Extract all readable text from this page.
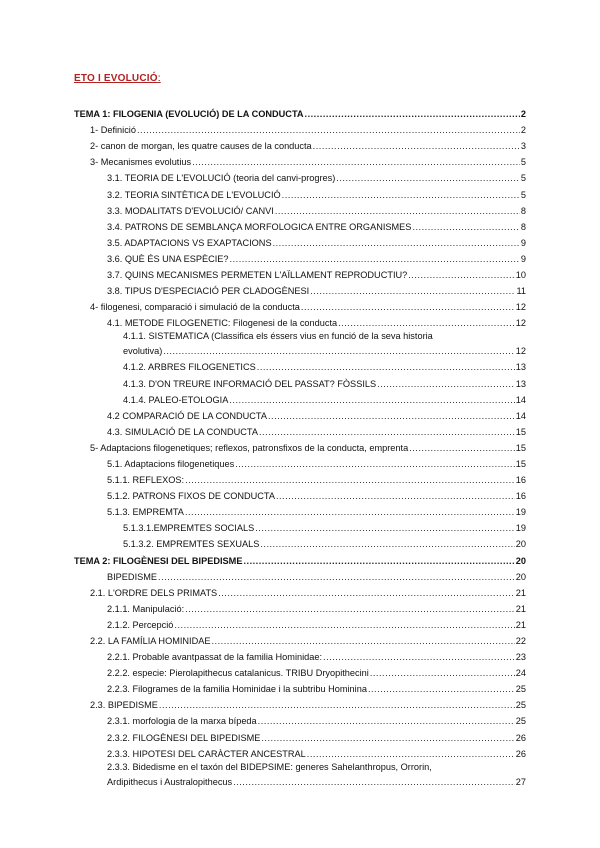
ETO I EVOLUCIÓ:
TEMA 1: FILOGENIA (EVOLUCIÓ) DE LA CONDUCTA .....	2
1- Definició .....	2
2- canon de morgan, les quatre causes de la conducta .....	3
3- Mecanismes evolutius .....	5
3.1. TEORIA DE L'EVOLUCIÓ (teoria del canvi-progres) .....	5
3.2. TEORIA SINTÈTICA DE L'EVOLUCIÓ .....	5
3.3. MODALITATS D'EVOLUCIÓ/ CANVI .....	8
3.4. PATRONS DE SEMBLANÇA MORFOLOGICA ENTRE ORGANISMES .....	8
3.5. ADAPTACIONS VS EXAPTACIONS .....	9
3.6. QUÈ ÉS UNA ESPÈCIE? .....	9
3.7. QUINS MECANISMES PERMETEN L'AÏLLAMENT REPRODUCTIU? .....	10
3.8. TIPUS D'ESPECIACIÓ PER CLADOGÈNESI .....	11
4- filogenesi, comparació i simulació de la conducta .....	12
4.1. METODE FILOGENETIC: Filogenesi de la conducta .....	12
4.1.1. SISTEMATICA (Classifica els éssers vius en funció de la seva historia
evolutiva) .....	12
4.1.2. ARBRES FILOGENETICS .....	13
4.1.3. D'ON TREURE INFORMACIÓ DEL PASSAT? FÒSSILS .....	13
4.1.4. PALEO-ETOLOGIA .....	14
4.2 COMPARACIÓ DE LA CONDUCTA .....	14
4.3. SIMULACIÓ DE LA CONDUCTA .....	15
5- Adaptacions filogenetiques; reflexos, patronsfixos de la conducta, emprenta .....	15
5.1. Adaptacions filogenetiques .....	15
5.1.1. REFLEXOS: .....	16
5.1.2. PATRONS FIXOS DE CONDUCTA .....	16
5.1.3. EMPREMTA .....	19
5.1.3.1.EMPREMTES SOCIALS .....	19
5.1.3.2. EMPREMTES SEXUALS .....	20
TEMA 2: FILOGÈNESI DEL BIPEDISME .....	20
BIPEDISME .....	20
2.1. L'ORDRE DELS PRIMATS .....	21
2.1.1. Manipulació: .....	21
2.1.2. Percepció .....	21
2.2. LA FAMÍLIA HOMINIDAE .....	22
2.2.1. Probable avantpassat de la familia Hominidae: .....	23
2.2.2. especie: Pierolapithecus catalanicus. TRIBU Dryopithecini .....	24
2.2.3. Filogrames de la familia Hominidae i la subtribu Hominina .....	25
2.3. BIPEDISME .....	25
2.3.1. morfologia de la marxa bípeda .....	25
2.3.2. FILOGÈNESI DEL BIPEDISME .....	26
2.3.3. HIPOTESI DEL CARÀCTER ANCESTRAL .....	26
2.3.3. Bidedisme en el taxón del BIDEPSIME: generes Sahelanthropus, Orrorin,
Ardipithecus i Australopithecus .....	27
